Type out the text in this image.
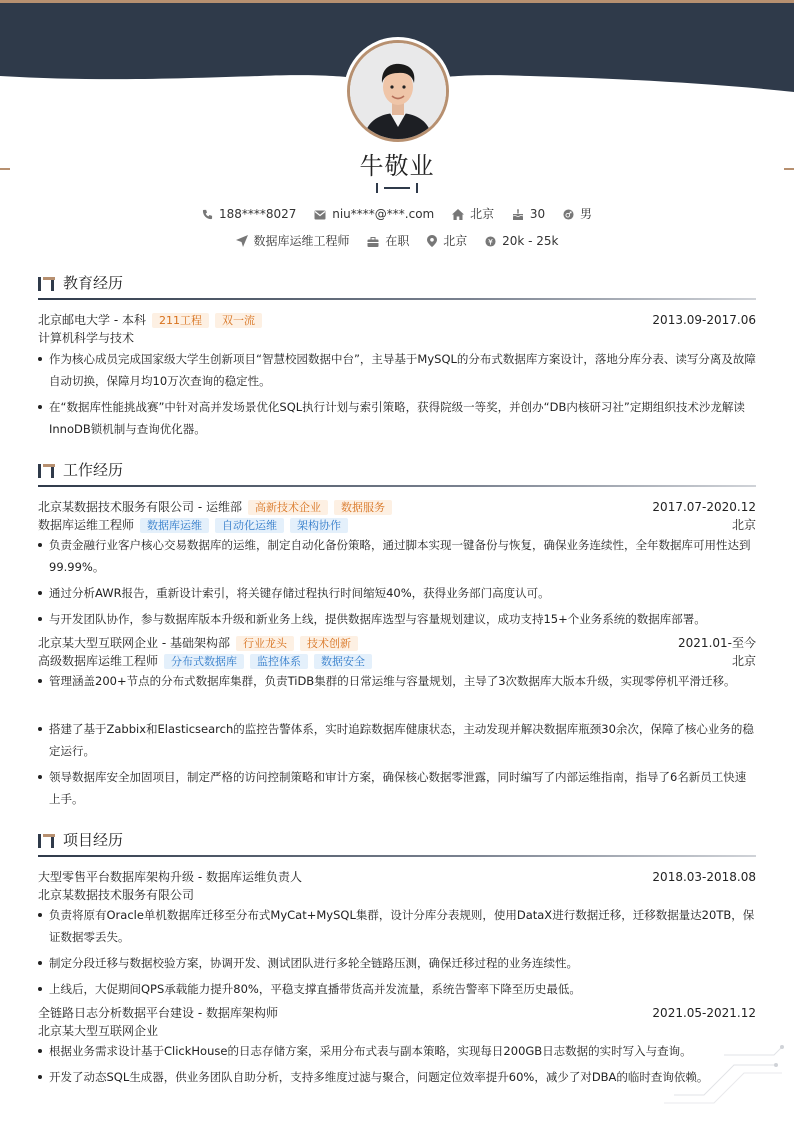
牛敬业
188****8027	niu****@***.com	北京	30	男
数据库运维工程师	在职	北京	20k - 25k
教育经历
北京邮电大学 - 本科 211工程 双一流	2013.09-2017.06
计算机科学与技术
作为核心成员完成国家级大学生创新项目“智慧校园数据中台”，主导基于MySQL的分布式数据库方案设计，落地分库分表、读写分离及故障自动切换，保障月均10万次查询的稳定性。
在“数据库性能挑战赛”中针对高并发场景优化SQL执行计划与索引策略，获得院级一等奖，并创办“DB内核研习社”定期组织技术沙龙解读InnoDB锁机制与查询优化器。
工作经历
北京某数据技术服务有限公司 - 运维部 高新技术企业 数据服务	2017.07-2020.12
数据库运维工程师 数据库运维 自动化运维 架构协作	北京
负责金融行业客户核心交易数据库的运维，制定自动化备份策略，通过脚本实现一键备份与恢复，确保业务连续性，全年数据库可用性达到99.99%。
通过分析AWR报告，重新设计索引，将关键存储过程执行时间缩短40%，获得业务部门高度认可。
与开发团队协作，参与数据库版本升级和新业务上线，提供数据库选型与容量规划建议，成功支持15+个业务系统的数据库部署。
北京某大型互联网企业 - 基础架构部 行业龙头 技术创新	2021.01-至今
高级数据库运维工程师 分布式数据库 监控体系 数据安全	北京
管理涵盖200+节点的分布式数据库集群，负责TiDB集群的日常运维与容量规划，主导了3次数据库大版本升级，实现零停机平滑迁移。
搭建了基于Zabbix和Elasticsearch的监控告警体系，实时追踪数据库健康状态，主动发现并解决数据库瓶颈30余次，保障了核心业务的稳定运行。
领导数据库安全加固项目，制定严格的访问控制策略和审计方案，确保核心数据零泄露，同时编写了内部运维指南，指导了6名新员工快速上手。
项目经历
大型零售平台数据库架构升级 - 数据库运维负责人	2018.03-2018.08
北京某数据技术服务有限公司
负责将原有Oracle单机数据库迁移至分布式MyCat+MySQL集群，设计分库分表规则，使用DataX进行数据迁移，迁移数据量达20TB，保证数据零丢失。
制定分段迁移与数据校验方案，协调开发、测试团队进行多轮全链路压测，确保迁移过程的业务连续性。
上线后，大促期间QPS承载能力提升80%，平稳支撑直播带货高并发流量，系统告警率下降至历史最低。
全链路日志分析数据平台建设 - 数据库架构师	2021.05-2021.12
北京某大型互联网企业
根据业务需求设计基于ClickHouse的日志存储方案，采用分布式表与副本策略，实现每日200GB日志数据的实时写入与查询。
开发了动态SQL生成器，供业务团队自助分析，支持多维度过滤与聚合，问题定位效率提升60%，减少了对DBA的临时查询依赖。
